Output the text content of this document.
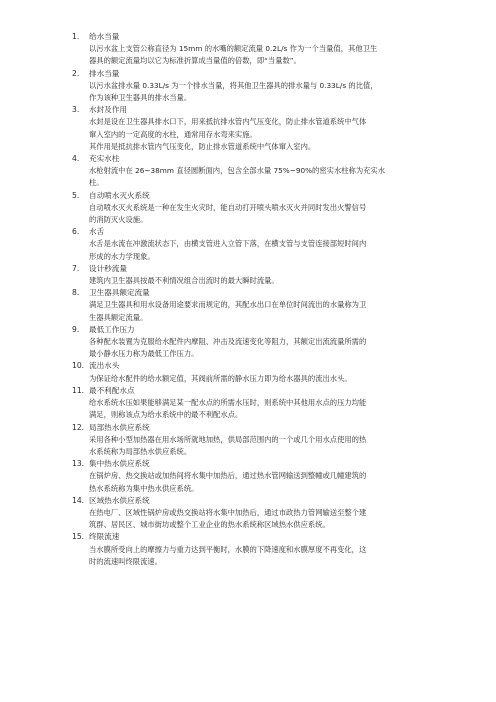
1.	给水当量
以污水盆上支管公称直径为 15mm 的水嘴的额定流量 0.2L/s 作为一个当量值，其他卫生
器具的额定流量均以它为标准折算成当量值的倍数，即“当量数”。
2.	排水当量
以污水盆排水量 0.33L/s 为一个排水当量，将其他卫生器具的排水量与 0.33L/s 的比值，
作为该种卫生器具的排水当量。
3.	水封及作用
水封是设在卫生器具排水口下，用来抵抗排水管内气压变化，防止排水管道系统中气体
窜入室内的一定高度的水柱，通常用存水弯来实施。
其作用是抵抗排水管内气压变化，防止排水管道系统中气体窜入室内。
4.	充实水柱
水枪射流中在 26~38mm 直径圆断面内，包含全部水量 75%~90%的密实水柱称为充实水
柱。
5.	自动喷水灭火系统
自动喷水灭火系统是一种在发生火灾时，能自动打开喷头喷水灭火并同时发出火警信号
的消防灭火设施。
6.	水舌
水舌是水流在冲激流状态下，由横支管进入立管下落，在横支管与支管连接部短时间内
形成的水力学现象。
7.	设计秒流量
建筑内卫生器具按最不利情况组合出流时的最大瞬时流量。
8.	卫生器具额定流量
满足卫生器具和用水设备用途要求而规定的，其配水出口在单位时间流出的水量称为卫
生器具额定流量。
9.	最低工作压力
各种配水装置为克服给水配件内摩阻、冲击及流速变化等阻力，其额定出流流量所需的
最小静水压力称为最低工作压力。
10. 流出水头
为保证给水配件的给水额定值，其阀前所需的静水压力即为给水器具的流出水头。
11. 最不利配水点
给水系统水压如果能够满足某一配水点的所需水压时，则系统中其他用水点的压力均能
满足，则称该点为给水系统中的最不利配水点。
12. 局部热水供应系统
采用各种小型加热器在用水场所就地加热，供局部范围内的一个或几个用水点使用的热
水系统称为局部热水供应系统。
13. 集中热水供应系统
在锅炉房、热交换站或加热间将水集中加热后，通过热水管网输送到整幢或几幢建筑的
热水系统称为集中热水供应系统。
14. 区域热水供应系统
在热电厂、区域性锅炉房或热交换站将水集中加热后，通过市政热力管网输送至整个建
筑群、居民区、城市街坊或整个工业企业的热水系统称区域热水供应系统。
15. 终限流速
当水膜所受向上的摩擦力与重力达到平衡时，水膜的下降速度和水膜厚度不再变化，这
时的流速叫终限流速。
